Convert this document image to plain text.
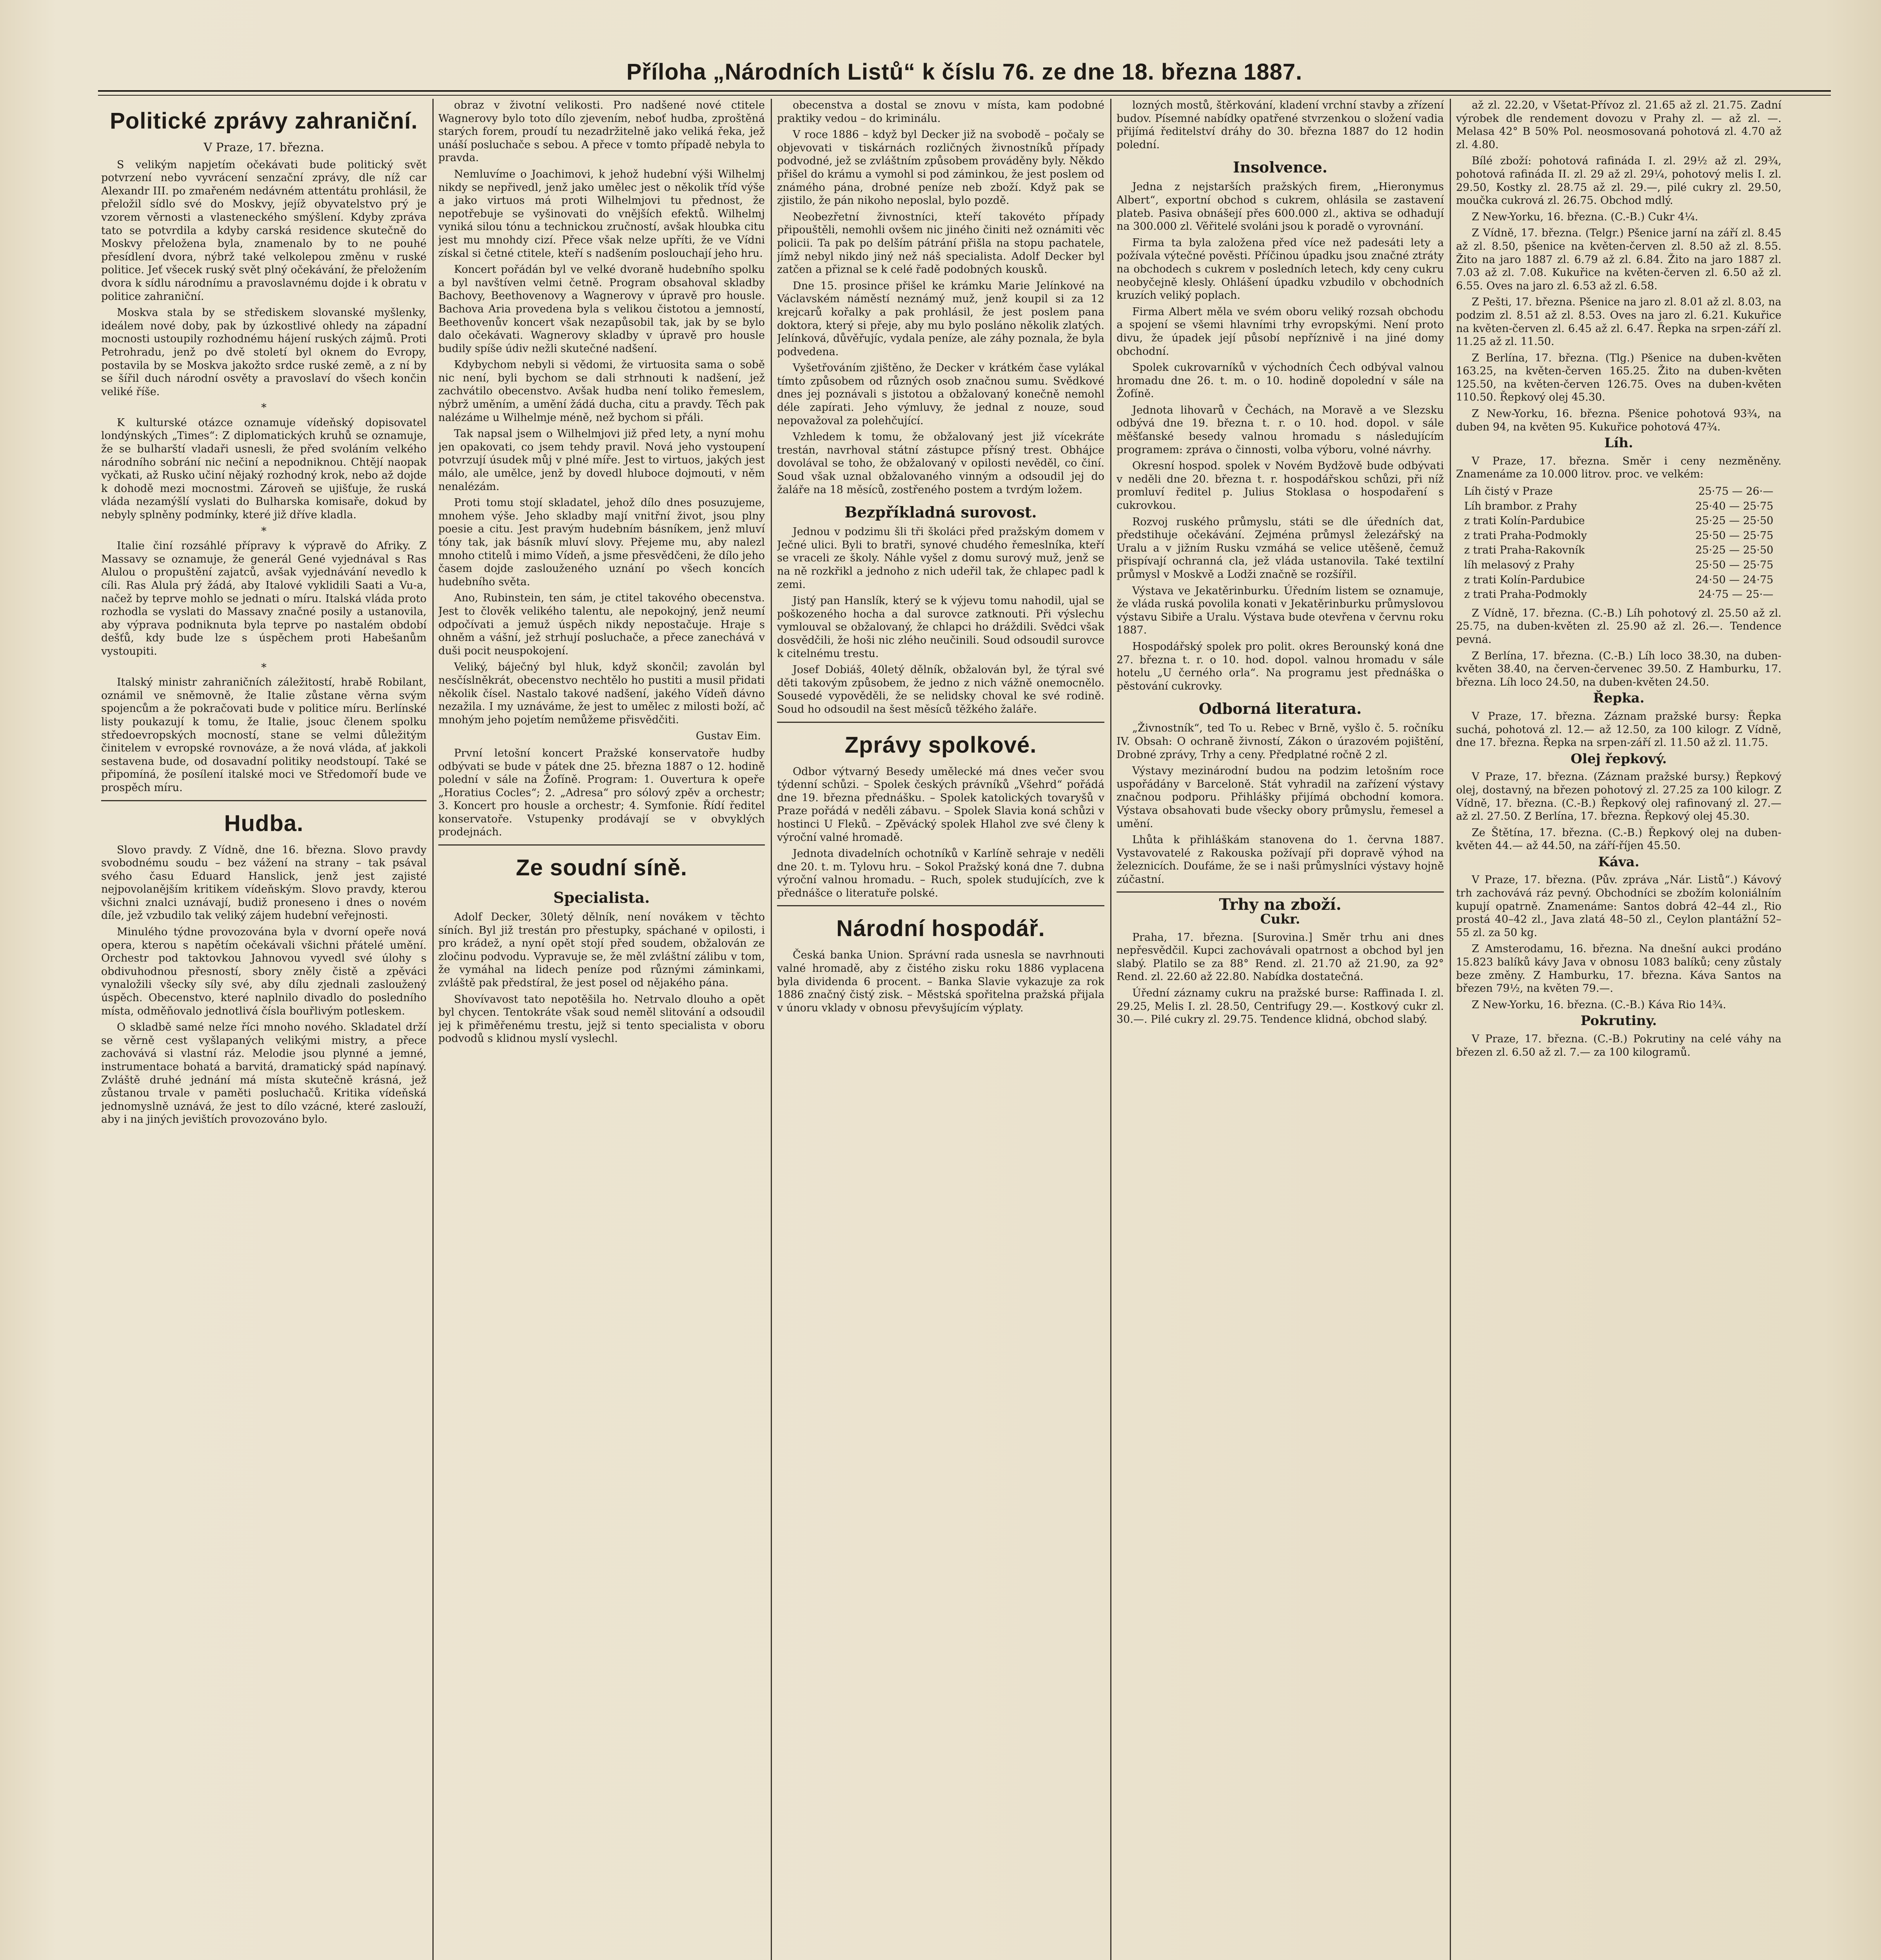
Příloha „Národních Listů“ k číslu 76. ze dne 18. března 1887.
Politické zprávy zahraniční.
V Praze, 17. března.

S velikým napjetím očekávati bude politický svět potvrzení nebo vyvrácení senzační zprávy, dle níž car Alexandr III. po zmařeném nedávném attentátu prohlásil, že přeložil sídlo své do Moskvy, jejíž obyvatelstvo prý je vzorem věrnosti a vlasteneckého smýšlení. Kdyby zpráva tato se potvrdila a kdyby carská residence skutečně do Moskvy přeložena byla, znamenalo by to ne pouhé přesídlení dvora, nýbrž také velkolepou změnu v ruské politice. Jeť všecek ruský svět plný očekávání, že přeložením dvora k sídlu národnímu a pravoslavnému dojde i k obratu v politice zahraniční.

Moskva stala by se střediskem slovanské myšlenky, ideálem nové doby, pak by úzkostlivé ohledy na západní mocnosti ustoupily rozhodnému hájení ruských zájmů. Proti Petrohradu, jenž po dvě století byl oknem do Evropy, postavila by se Moskva jakožto srdce ruské země, a z ní by se šířil duch národní osvěty a pravoslaví do všech končin veliké říše.

*

K kulturské otázce oznamuje vídeňský dopisovatel londýnských „Times“: Z diplomatických kruhů se oznamuje, že se bulharští vladaři usnesli, že před svoláním velkého národního sobrání nic nečiní a nepodniknou. Chtějí naopak vyčkati, až Rusko učiní nějaký rozhodný krok, nebo až dojde k dohodě mezi mocnostmi. Zároveň se ujišťuje, že ruská vláda nezamýšlí vyslati do Bulharska komisaře, dokud by nebyly splněny podmínky, které již dříve kladla.

*

Italie činí rozsáhlé přípravy k výpravě do Afriky. Z Massavy se oznamuje, že generál Gené vyjednával s Ras Alulou o propuštění zajatců, avšak vyjednávání nevedlo k cíli. Ras Alula prý žádá, aby Italové vyklidili Saati a Vu-a, načež by teprve mohlo se jednati o míru. Italská vláda proto rozhodla se vyslati do Massavy značné posily a ustanovila, aby výprava podniknuta byla teprve po nastalém období dešťů, kdy bude lze s úspěchem proti Habešanům vystoupiti.

*

Italský ministr zahraničních záležitostí, hrabě Robilant, oznámil ve sněmovně, že Italie zůstane věrna svým spojencům a že pokračovati bude v politice míru. Berlínské listy poukazují k tomu, že Italie, jsouc členem spolku středoevropských mocností, stane se velmi důležitým činitelem v evropské rovnováze, a že nová vláda, ať jakkoli sestavena bude, od dosavadní politiky neodstoupí. Také se připomíná, že posílení italské moci ve Středomoří bude ve prospěch míru.

Hudba.

Slovo pravdy. Z Vídně, dne 16. března. Slovo pravdy svobodnému soudu – bez vážení na strany – tak psával svého času Eduard Hanslick, jenž jest zajisté nejpovolanějším kritikem vídeňským. Slovo pravdy, kterou všichni znalci uznávají, budiž proneseno i dnes o novém díle, jež vzbudilo tak veliký zájem hudební veřejnosti.

Minulého týdne provozována byla v dvorní opeře nová opera, kterou s napětím očekávali všichni přátelé umění. Orchestr pod taktovkou Jahnovou vyvedl své úlohy s obdivuhodnou přesností, sbory zněly čistě a zpěváci vynaložili všecky síly své, aby dílu zjednali zasloužený úspěch. Obecenstvo, které naplnilo divadlo do posledního místa, odměňovalo jednotlivá čísla bouřlivým potleskem.

O skladbě samé nelze říci mnoho nového. Skladatel drží se věrně cest vyšlapaných velikými mistry, a přece zachovává si vlastní ráz. Melodie jsou plynné a jemné, instrumentace bohatá a barvitá, dramatický spád napínavý. Zvláště druhé jednání má místa skutečně krásná, jež zůstanou trvale v paměti posluchačů. Kritika vídeňská jednomyslně uznává, že jest to dílo vzácné, které zaslouží, aby i na jiných jevištích provozováno bylo.

obraz v životní velikosti. Pro nadšené nové ctitele Wagnerovy bylo toto dílo zjevením, neboť hudba, zproštěná starých forem, proudí tu nezadržitelně jako veliká řeka, jež unáší posluchače s sebou. A přece v tomto případě nebyla to pravda.

Nemluvíme o Joachimovi, k jehož hudební výši Wilhelmj nikdy se nepřivedl, jenž jako umělec jest o několik tříd výše a jako virtuos má proti Wilhelmjovi tu přednost, že nepotřebuje se vyšinovati do vnějších efektů. Wilhelmj vyniká silou tónu a technickou zručností, avšak hloubka citu jest mu mnohdy cizí. Přece však nelze upříti, že ve Vídni získal si četné ctitele, kteří s nadšením poslouchají jeho hru.

Koncert pořádán byl ve velké dvoraně hudebního spolku a byl navštíven velmi četně. Program obsahoval skladby Bachovy, Beethovenovy a Wagnerovy v úpravě pro housle. Bachova Aria provedena byla s velikou čistotou a jemností, Beethovenův koncert však nezapůsobil tak, jak by se bylo dalo očekávati. Wagnerovy skladby v úpravě pro housle budily spíše údiv nežli skutečné nadšení.

Kdybychom nebyli si vědomi, že virtuosita sama o sobě nic není, byli bychom se dali strhnouti k nadšení, jež zachvátilo obecenstvo. Avšak hudba není toliko řemeslem, nýbrž uměním, a umění žádá ducha, citu a pravdy. Těch pak nalézáme u Wilhelmje méně, než bychom si přáli.

Tak napsal jsem o Wilhelmjovi již před lety, a nyní mohu jen opakovati, co jsem tehdy pravil. Nová jeho vystoupení potvrzují úsudek můj v plné míře. Jest to virtuos, jakých jest málo, ale umělce, jenž by dovedl hluboce dojmouti, v něm nenalézám.

Proti tomu stojí skladatel, jehož dílo dnes posuzujeme, mnohem výše. Jeho skladby mají vnitřní život, jsou plny poesie a citu. Jest pravým hudebním básníkem, jenž mluví tóny tak, jak básník mluví slovy. Přejeme mu, aby nalezl mnoho ctitelů i mimo Vídeň, a jsme přesvědčeni, že dílo jeho časem dojde zaslouženého uznání po všech koncích hudebního světa.

Ano, Rubinstein, ten sám, je ctitel takového obecenstva. Jest to člověk velikého talentu, ale nepokojný, jenž neumí odpočívati a jemuž úspěch nikdy nepostačuje. Hraje s ohněm a vášní, jež strhují posluchače, a přece zanechává v duši pocit neuspokojení.

Veliký, báječný byl hluk, když skončil; zavolán byl nesčíslněkrát, obecenstvo nechtělo ho pustiti a musil přidati několik čísel. Nastalo takové nadšení, jakého Vídeň dávno nezažila. I my uznáváme, že jest to umělec z milosti boží, ač mnohým jeho pojetím nemůžeme přisvědčiti.

Gustav Eim.

První letošní koncert Pražské konservatoře hudby odbývati se bude v pátek dne 25. března 1887 o 12. hodině polední v sále na Žofíně. Program: 1. Ouvertura k opeře „Horatius Cocles“; 2. „Adresa“ pro sólový zpěv a orchestr; 3. Koncert pro housle a orchestr; 4. Symfonie. Řídí ředitel konservatoře. Vstupenky prodávají se v obvyklých prodejnách.

Ze soudní síně.
Specialista.

Adolf Decker, 30letý dělník, není novákem v těchto síních. Byl již trestán pro přestupky, spáchané v opilosti, i pro krádež, a nyní opět stojí před soudem, obžalován ze zločinu podvodu. Vypravuje se, že měl zvláštní zálibu v tom, že vymáhal na lidech peníze pod různými záminkami, zvláště pak předstíral, že jest posel od nějakého pána.

Shovívavost tato nepotěšila ho. Netrvalo dlouho a opět byl chycen. Tentokráte však soud neměl slitování a odsoudil jej k přiměřenému trestu, jejž si tento specialista v oboru podvodů s klidnou myslí vyslechl.

obecenstva a dostal se znovu v místa, kam podobné praktiky vedou – do kriminálu.

V roce 1886 – když byl Decker již na svobodě – počaly se objevovati v tiskárnách rozličných živnostníků případy podvodné, jež se zvláštním způsobem prováděny byly. Někdo přišel do krámu a vymohl si pod záminkou, že jest poslem od známého pána, drobné peníze neb zboží. Když pak se zjistilo, že pán nikoho neposlal, bylo pozdě.

Neobezřetní živnostníci, kteří takovéto případy připouštěli, nemohli ovšem nic jiného činiti než oznámiti věc policii. Ta pak po delším pátrání přišla na stopu pachatele, jímž nebyl nikdo jiný než náš specialista. Adolf Decker byl zatčen a přiznal se k celé řadě podobných kousků.

Dne 15. prosince přišel ke krámku Marie Jelínkové na Václavském náměstí neznámý muž, jenž koupil si za 12 krejcarů kořalky a pak prohlásil, že jest poslem pana doktora, který si přeje, aby mu bylo posláno několik zlatých. Jelínková, důvěřujíc, vydala peníze, ale záhy poznala, že byla podvedena.

Vyšetřováním zjištěno, že Decker v krátkém čase vylákal tímto způsobem od různých osob značnou sumu. Svědkové dnes jej poznávali s jistotou a obžalovaný konečně nemohl déle zapírati. Jeho výmluvy, že jednal z nouze, soud nepovažoval za polehčující.

Vzhledem k tomu, že obžalovaný jest již vícekráte trestán, navrhoval státní zástupce přísný trest. Obhájce dovolával se toho, že obžalovaný v opilosti nevěděl, co činí. Soud však uznal obžalovaného vinným a odsoudil jej do žaláře na 18 měsíců, zostřeného postem a tvrdým ložem.

Bezpříkladná surovost.

Jednou v podzimu šli tři školáci před pražským domem v Ječné ulici. Byli to bratři, synové chudého řemeslníka, kteří se vraceli ze školy. Náhle vyšel z domu surový muž, jenž se na ně rozkřikl a jednoho z nich udeřil tak, že chlapec padl k zemi.

Jistý pan Hanslík, který se k výjevu tomu nahodil, ujal se poškozeného hocha a dal surovce zatknouti. Při výslechu vymlouval se obžalovaný, že chlapci ho dráždili. Svědci však dosvědčili, že hoši nic zlého neučinili. Soud odsoudil surovce k citelnému trestu.

Josef Dobiáš, 40letý dělník, obžalován byl, že týral své děti takovým způsobem, že jedno z nich vážně onemocnělo. Sousedé vypověděli, že se nelidsky choval ke své rodině. Soud ho odsoudil na šest měsíců těžkého žaláře.

Zprávy spolkové.

Odbor výtvarný Besedy umělecké má dnes večer svou týdenní schůzi. – Spolek českých právníků „Všehrd“ pořádá dne 19. března přednášku. – Spolek katolických tovaryšů v Praze pořádá v neděli zábavu. – Spolek Slavia koná schůzi v hostinci U Fleků. – Zpěvácký spolek Hlahol zve své členy k výroční valné hromadě.

Jednota divadelních ochotníků v Karlíně sehraje v neděli dne 20. t. m. Tylovu hru. – Sokol Pražský koná dne 7. dubna výroční valnou hromadu. – Ruch, spolek studujících, zve k přednášce o literatuře polské.

Národní hospodář.

Česká banka Union. Správní rada usnesla se navrhnouti valné hromadě, aby z čistého zisku roku 1886 vyplacena byla dividenda 6 procent. – Banka Slavie vykazuje za rok 1886 značný čistý zisk. – Městská spořitelna pražská přijala v únoru vklady v obnosu převyšujícím výplaty.

lozných mostů, štěrkování, kladení vrchní stavby a zřízení budov. Písemné nabídky opatřené stvrzenkou o složení vadia přijímá ředitelství dráhy do 30. března 1887 do 12 hodin polední.

Insolvence.

Jedna z nejstarších pražských firem, „Hieronymus Albert“, exportní obchod s cukrem, ohlásila se zastavení plateb. Pasiva obnášejí přes 600.000 zl., aktiva se odhadují na 300.000 zl. Věřitelé svoláni jsou k poradě o vyrovnání.

Firma ta byla založena před více než padesáti lety a požívala výtečné pověsti. Příčinou úpadku jsou značné ztráty na obchodech s cukrem v posledních letech, kdy ceny cukru neobyčejně klesly. Ohlášení úpadku vzbudilo v obchodních kruzích veliký poplach.

Firma Albert měla ve svém oboru veliký rozsah obchodu a spojení se všemi hlavními trhy evropskými. Není proto divu, že úpadek její působí nepříznivě i na jiné domy obchodní.

Spolek cukrovarníků v východních Čech odbýval valnou hromadu dne 26. t. m. o 10. hodině dopolední v sále na Žofíně.

Jednota lihovarů v Čechách, na Moravě a ve Slezsku odbývá dne 19. března t. r. o 10. hod. dopol. v sále měšťanské besedy valnou hromadu s následujícím programem: zpráva o činnosti, volba výboru, volné návrhy.

Okresní hospod. spolek v Novém Bydžově bude odbývati v neděli dne 20. března t. r. hospodářskou schůzi, při níž promluví ředitel p. Julius Stoklasa o hospodaření s cukrovkou.

Rozvoj ruského průmyslu, státi se dle úředních dat, předstihuje očekávání. Zejména průmysl železářský na Uralu a v jižním Rusku vzmáhá se velice utěšeně, čemuž přispívají ochranná cla, jež vláda ustanovila. Také textilní průmysl v Moskvě a Lodži značně se rozšířil.

Výstava ve Jekatěrinburku. Úředním listem se oznamuje, že vláda ruská povolila konati v Jekatěrinburku průmyslovou výstavu Sibiře a Uralu. Výstava bude otevřena v červnu roku 1887.

Hospodářský spolek pro polit. okres Berounský koná dne 27. března t. r. o 10. hod. dopol. valnou hromadu v sále hotelu „U černého orla“. Na programu jest přednáška o pěstování cukrovky.

Odborná literatura.

„Živnostník“, ted To u. Rebec v Brně, vyšlo č. 5. ročníku IV. Obsah: O ochraně živností, Zákon o úrazovém pojištění, Drobné zprávy, Trhy a ceny. Předplatné ročně 2 zl.

Výstavy mezinárodní budou na podzim letošním roce uspořádány v Barceloně. Stát vyhradil na zařízení výstavy značnou podporu. Přihlášky přijímá obchodní komora. Výstava obsahovati bude všecky obory průmyslu, řemesel a umění.

Lhůta k přihláškám stanovena do 1. června 1887. Vystavovatelé z Rakouska požívají při dopravě výhod na železnicích. Doufáme, že se i naši průmyslníci výstavy hojně zúčastní.

Trhy na zboží.
Cukr.

Praha, 17. března. [Surovina.] Směr trhu ani dnes nepřesvědčil. Kupci zachovávali opatrnost a obchod byl jen slabý. Platilo se za 88° Rend. zl. 21.70 až 21.90, za 92° Rend. zl. 22.60 až 22.80. Nabídka dostatečná.

Úřední záznamy cukru na pražské burse: Raffinada I. zl. 29.25, Melis I. zl. 28.50, Centrifugy 29.—. Kostkový cukr zl. 30.—. Pilé cukry zl. 29.75. Tendence klidná, obchod slabý.

až zl. 22.20, v Všetat-Přívoz zl. 21.65 až zl. 21.75. Zadní výrobek dle rendement dovozu v Prahy zl. — až zl. —. Melasa 42° B 50% Pol. neosmosovaná pohotová zl. 4.70 až zl. 4.80.

Bílé zboží: pohotová rafináda I. zl. 29½ až zl. 29¾, pohotová rafináda II. zl. 29 až zl. 29¼, pohotový melis I. zl. 29.50, Kostky zl. 28.75 až zl. 29.—, pilé cukry zl. 29.50, moučka cukrová zl. 26.75. Obchod mdlý.

Z New-Yorku, 16. března. (C.-B.) Cukr 4¼.

Z Vídně, 17. března. (Telgr.) Pšenice jarní na září zl. 8.45 až zl. 8.50, pšenice na květen-červen zl. 8.50 až zl. 8.55. Žito na jaro 1887 zl. 6.79 až zl. 6.84. Žito na jaro 1887 zl. 7.03 až zl. 7.08. Kukuřice na květen-červen zl. 6.50 až zl. 6.55. Oves na jaro zl. 6.53 až zl. 6.58.

Z Pešti, 17. března. Pšenice na jaro zl. 8.01 až zl. 8.03, na podzim zl. 8.51 až zl. 8.53. Oves na jaro zl. 6.21. Kukuřice na květen-červen zl. 6.45 až zl. 6.47. Řepka na srpen-září zl. 11.25 až zl. 11.50.

Z Berlína, 17. března. (Tlg.) Pšenice na duben-květen 163.25, na květen-červen 165.25. Žito na duben-květen 125.50, na květen-červen 126.75. Oves na duben-květen 110.50. Řepkový olej 45.30.

Z New-Yorku, 16. března. Pšenice pohotová 93¾, na duben 94, na květen 95. Kukuřice pohotová 47¾.

Líh.

V Praze, 17. března. Směr i ceny nezměněny. Znamenáme za 10.000 litrov. proc. ve velkém:

Líh čistý v Praze	25·75 — 26·—
Líh brambor. z Prahy	25·40 — 25·75
z trati Kolín-Pardubice	25·25 — 25·50
z trati Praha-Podmokly	25·50 — 25·75
z trati Praha-Rakovník	25·25 — 25·50
líh melasový z Prahy	25·50 — 25·75
z trati Kolín-Pardubice	24·50 — 24·75
z trati Praha-Podmokly	24·75 — 25·—

Z Vídně, 17. března. (C.-B.) Líh pohotový zl. 25.50 až zl. 25.75, na duben-květen zl. 25.90 až zl. 26.—. Tendence pevná.

Z Berlína, 17. března. (C.-B.) Líh loco 38.30, na duben-květen 38.40, na červen-červenec 39.50. Z Hamburku, 17. března. Líh loco 24.50, na duben-květen 24.50.

Řepka.

V Praze, 17. března. Záznam pražské bursy: Řepka suchá, pohotová zl. 12.— až 12.50, za 100 kilogr. Z Vídně, dne 17. března. Řepka na srpen-září zl. 11.50 až zl. 11.75.

Olej řepkový.

V Praze, 17. března. (Záznam pražské bursy.) Řepkový olej, dostavný, na březen pohotový zl. 27.25 za 100 kilogr. Z Vídně, 17. března. (C.-B.) Řepkový olej rafinovaný zl. 27.— až zl. 27.50. Z Berlína, 17. března. Řepkový olej 45.30.

Ze Štětína, 17. března. (C.-B.) Řepkový olej na duben-květen 44.— až 44.50, na září-říjen 45.50.

Káva.

V Praze, 17. března. (Pův. zpráva „Nár. Listů“.) Kávový trh zachovává ráz pevný. Obchodníci se zbožím koloniálním kupují opatrně. Znamenáme: Santos dobrá 42–44 zl., Rio prostá 40–42 zl., Java zlatá 48–50 zl., Ceylon plantážní 52–55 zl. za 50 kg.

Z Amsterodamu, 16. března. Na dnešní aukci prodáno 15.823 balíků kávy Java v obnosu 1083 balíků; ceny zůstaly beze změny. Z Hamburku, 17. března. Káva Santos na březen 79½, na květen 79.—.

Z New-Yorku, 16. března. (C.-B.) Káva Rio 14¾.

Pokrutiny.

V Praze, 17. března. (C.-B.) Pokrutiny na celé váhy na březen zl. 6.50 až zl. 7.— za 100 kilogramů.
